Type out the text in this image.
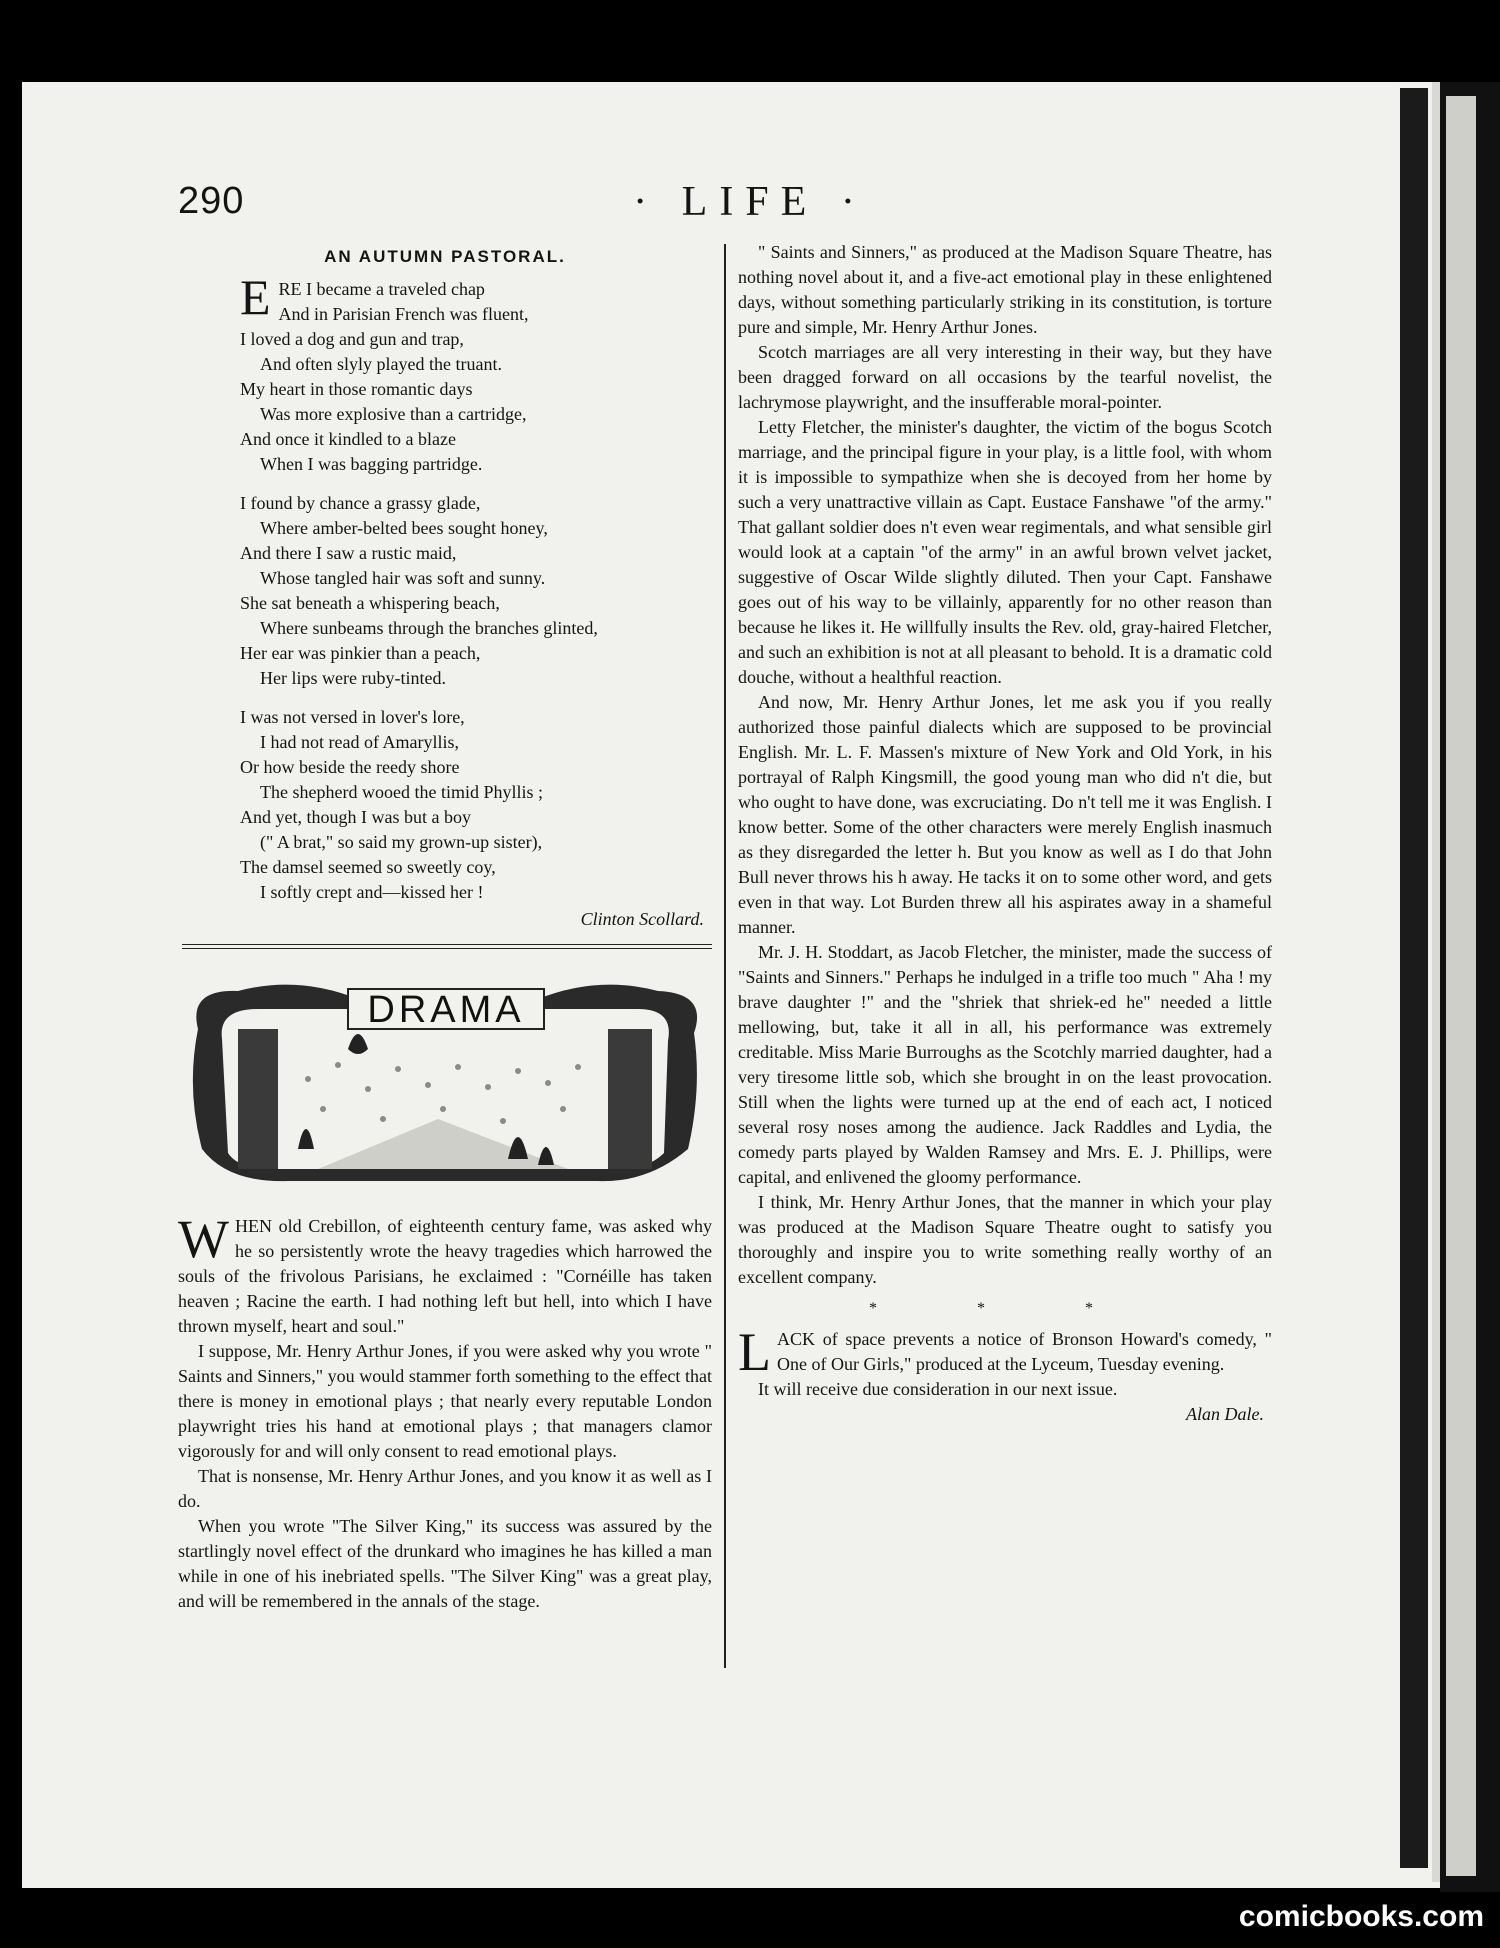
290	· LIFE ·
AN AUTUMN PASTORAL.
ERE I became a traveled chap
And in Parisian French was fluent,
I loved a dog and gun and trap,
And often slyly played the truant.
My heart in those romantic days
Was more explosive than a cartridge,
And once it kindled to a blaze
When I was bagging partridge.
I found by chance a grassy glade,
Where amber-belted bees sought honey,
And there I saw a rustic maid,
Whose tangled hair was soft and sunny.
She sat beneath a whispering beach,
Where sunbeams through the branches glinted,
Her ear was pinkier than a peach,
Her lips were ruby-tinted.
I was not versed in lover's lore,
I had not read of Amaryllis,
Or how beside the reedy shore
The shepherd wooed the timid Phyllis ;
And yet, though I was but a boy
(" A brat," so said my grown-up sister),
The damsel seemed so sweetly coy,
I softly crept and—kissed her !
Clinton Scollard.
DRAMA

WHEN old Crebillon, of eighteenth century fame, was asked why he so persistently wrote the heavy tragedies which harrowed the souls of the frivolous Parisians, he exclaimed : "Cornéille has taken heaven ; Racine the earth. I had nothing left but hell, into which I have thrown myself, heart and soul."

I suppose, Mr. Henry Arthur Jones, if you were asked why you wrote " Saints and Sinners," you would stammer forth something to the effect that there is money in emotional plays ; that nearly every reputable London playwright tries his hand at emotional plays ; that managers clamor vigorously for and will only consent to read emotional plays.

That is nonsense, Mr. Henry Arthur Jones, and you know it as well as I do.

When you wrote "The Silver King," its success was assured by the startlingly novel effect of the drunkard who imagines he has killed a man while in one of his inebriated spells. "The Silver King" was a great play, and will be remembered in the annals of the stage.

" Saints and Sinners," as produced at the Madison Square Theatre, has nothing novel about it, and a five-act emotional play in these enlightened days, without something particularly striking in its constitution, is torture pure and simple, Mr. Henry Arthur Jones.

Scotch marriages are all very interesting in their way, but they have been dragged forward on all occasions by the tearful novelist, the lachrymose playwright, and the insufferable moral-pointer.

Letty Fletcher, the minister's daughter, the victim of the bogus Scotch marriage, and the principal figure in your play, is a little fool, with whom it is impossible to sympathize when she is decoyed from her home by such a very unattractive villain as Capt. Eustace Fanshawe "of the army." That gallant soldier does n't even wear regimentals, and what sensible girl would look at a captain "of the army" in an awful brown velvet jacket, suggestive of Oscar Wilde slightly diluted. Then your Capt. Fanshawe goes out of his way to be villainly, apparently for no other reason than because he likes it. He willfully insults the Rev. old, gray-haired Fletcher, and such an exhibition is not at all pleasant to behold. It is a dramatic cold douche, without a healthful reaction.

And now, Mr. Henry Arthur Jones, let me ask you if you really authorized those painful dialects which are supposed to be provincial English. Mr. L. F. Massen's mixture of New York and Old York, in his portrayal of Ralph Kingsmill, the good young man who did n't die, but who ought to have done, was excruciating. Do n't tell me it was English. I know better. Some of the other characters were merely English inasmuch as they disregarded the letter h. But you know as well as I do that John Bull never throws his h away. He tacks it on to some other word, and gets even in that way. Lot Burden threw all his aspirates away in a shameful manner.

Mr. J. H. Stoddart, as Jacob Fletcher, the minister, made the success of "Saints and Sinners." Perhaps he indulged in a trifle too much " Aha ! my brave daughter !" and the "shriek that shriek-ed he" needed a little mellowing, but, take it all in all, his performance was extremely creditable. Miss Marie Burroughs as the Scotchly married daughter, had a very tiresome little sob, which she brought in on the least provocation. Still when the lights were turned up at the end of each act, I noticed several rosy noses among the audience. Jack Raddles and Lydia, the comedy parts played by Walden Ramsey and Mrs. E. J. Phillips, were capital, and enlivened the gloomy performance.

I think, Mr. Henry Arthur Jones, that the manner in which your play was produced at the Madison Square Theatre ought to satisfy you thoroughly and inspire you to write something really worthy of an excellent company.

* * *

LACK of space prevents a notice of Bronson Howard's comedy, " One of Our Girls," produced at the Lyceum, Tuesday evening.

It will receive due consideration in our next issue.

Alan Dale.
comicbooks.com
